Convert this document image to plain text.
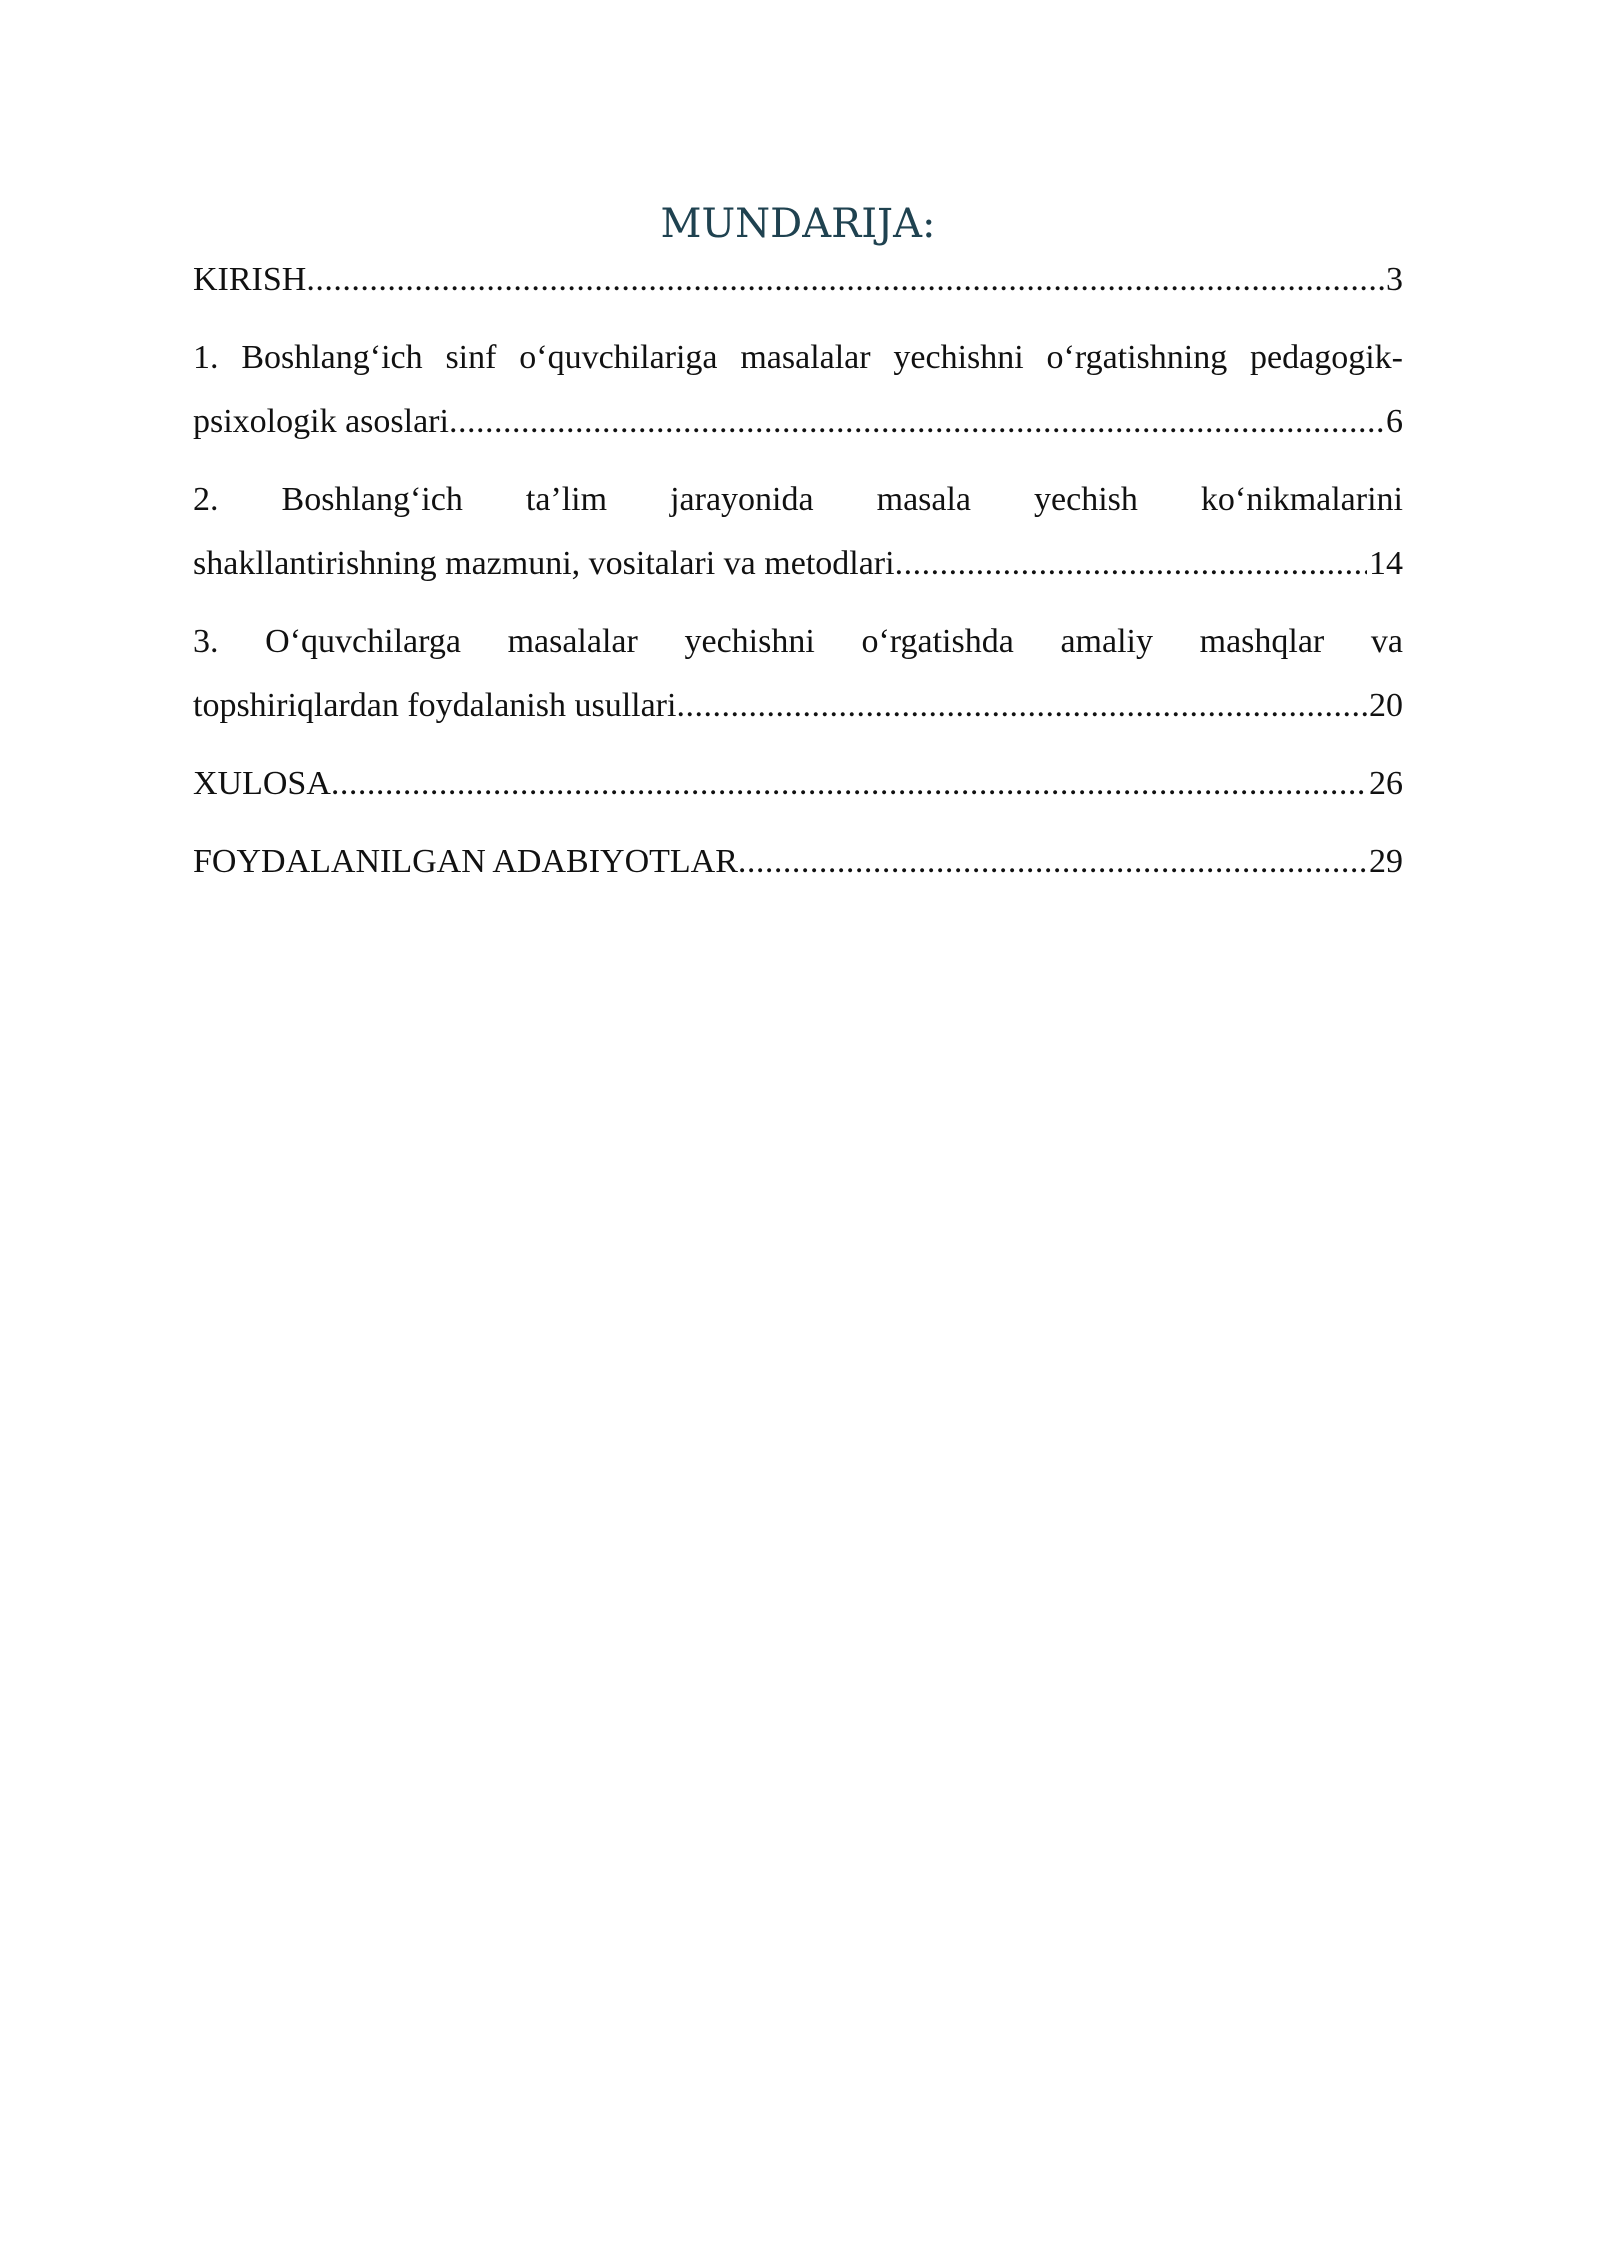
MUNDARIJA:
KIRISH .....	3
1. Boshlang‘ich sinf o‘quvchilariga masalalar yechishni o‘rgatishning pedagogik-
psixologik asoslari .....	6
2. Boshlang‘ich ta’lim jarayonida masala yechish ko‘nikmalarini
shakllantirishning mazmuni, vositalari va metodlari .....	14
3. O‘quvchilarga masalalar yechishni o‘rgatishda amaliy mashqlar va
topshiriqlardan foydalanish usullari .....	20
XULOSA .....	26
FOYDALANILGAN ADABIYOTLAR .....	29
